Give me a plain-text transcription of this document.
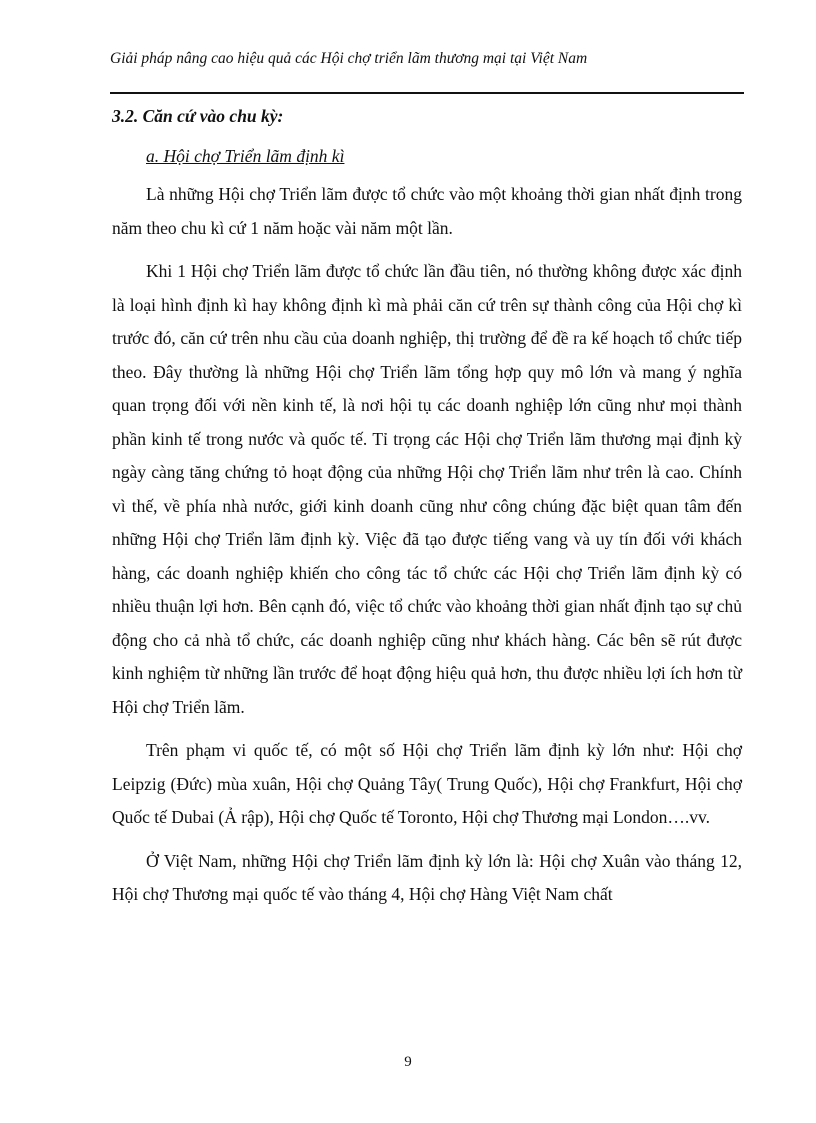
Giải pháp nâng cao hiệu quả các Hội chợ triển lãm thương mại tại Việt Nam
3.2. Căn cứ vào chu kỳ:
a. Hội chợ Triển lãm định kì

Là những Hội chợ Triển lãm được tổ chức vào một khoảng thời gian nhất định trong năm theo chu kì cứ 1 năm hoặc vài năm một lần.

Khi 1 Hội chợ Triển lãm được tổ chức lần đầu tiên, nó thường không được xác định là loại hình định kì hay không định kì mà phải căn cứ trên sự thành công của Hội chợ kì trước đó, căn cứ trên nhu cầu của doanh nghiệp, thị trường để đề ra kế hoạch tổ chức tiếp theo. Đây thường là những Hội chợ Triển lãm tổng hợp quy mô lớn và mang ý nghĩa quan trọng đối với nền kinh tế, là nơi hội tụ các doanh nghiệp lớn cũng như mọi thành phần kinh tế trong nước và quốc tế. Tỉ trọng các Hội chợ Triển lãm thương mại định kỳ ngày càng tăng chứng tỏ hoạt động của những Hội chợ Triển lãm như trên là cao. Chính vì thế, về phía nhà nước, giới kinh doanh cũng như công chúng đặc biệt quan tâm đến những Hội chợ Triển lãm định kỳ. Việc đã tạo được tiếng vang và uy tín đối với khách hàng, các doanh nghiệp khiến cho công tác tổ chức các Hội chợ Triển lãm định kỳ có nhiều thuận lợi hơn. Bên cạnh đó, việc tổ chức vào khoảng thời gian nhất định tạo sự chủ động cho cả nhà tổ chức, các doanh nghiệp cũng như khách hàng. Các bên sẽ rút được kinh nghiệm từ những lần trước để hoạt động hiệu quả hơn, thu được nhiều lợi ích hơn từ Hội chợ Triển lãm.

Trên phạm vi quốc tế, có một số Hội chợ Triển lãm định kỳ lớn như: Hội chợ Leipzig (Đức) mùa xuân, Hội chợ Quảng Tây( Trung Quốc), Hội chợ Frankfurt, Hội chợ Quốc tế Dubai (Ả rập), Hội chợ Quốc tế Toronto, Hội chợ Thương mại London….vv.

Ở Việt Nam, những Hội chợ Triển lãm định kỳ lớn là: Hội chợ Xuân vào tháng 12, Hội chợ Thương mại quốc tế vào tháng 4, Hội chợ Hàng Việt Nam chất

9
